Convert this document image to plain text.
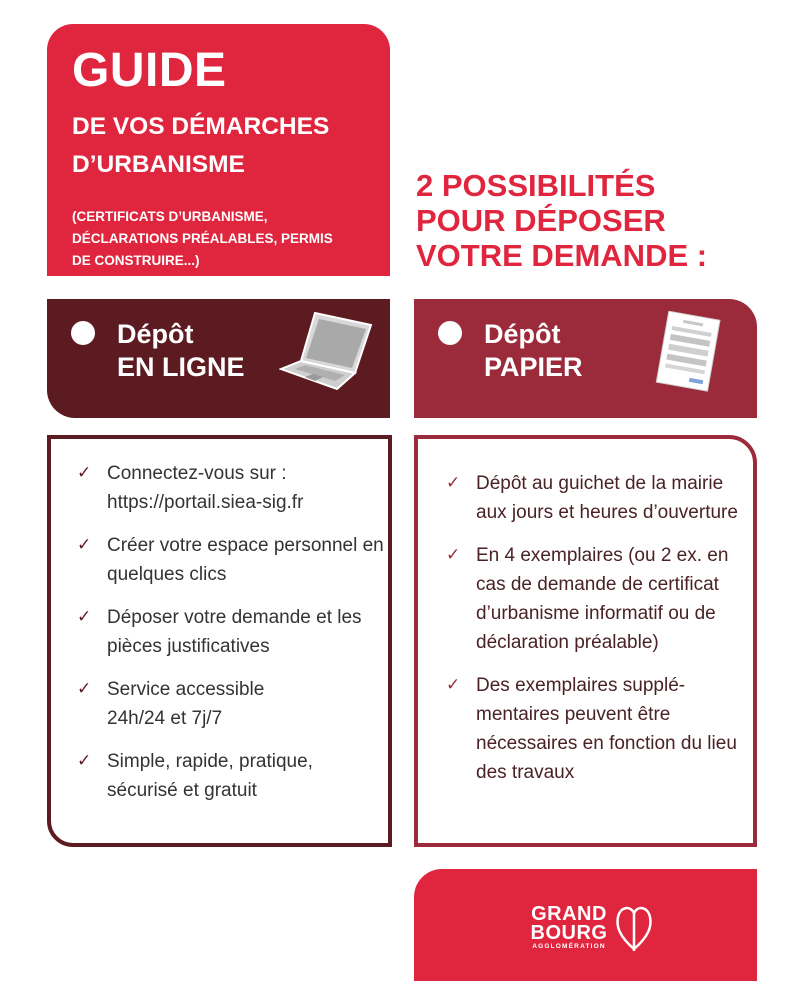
GUIDE
DE VOS DÉMARCHES
D’URBANISME
(CERTIFICATS D’URBANISME,
DÉCLARATIONS PRÉALABLES, PERMIS
DE CONSTRUIRE...)
2 POSSIBILITÉS
POUR DÉPOSER
VOTRE DEMANDE :
Dépôt
EN LIGNE
Dépôt
PAPIER
✓ Connectez-vous sur :
https://portail.siea-sig.fr
✓ Créer votre espace personnel en quelques clics
✓ Déposer votre demande et les pièces justificatives
✓ Service accessible
24h/24 et 7j/7
✓ Simple, rapide, pratique, sécurisé et gratuit
✓ Dépôt au guichet de la mairie aux jours et heures d’ouverture
✓ En 4 exemplaires (ou 2 ex. en cas de demande de certificat d’urbanisme informatif ou de déclaration préalable)
✓ Des exemplaires supplé-mentaires peuvent être nécessaires en fonction du lieu des travaux
GRAND
BOURG
AGGLOMÉRATION
